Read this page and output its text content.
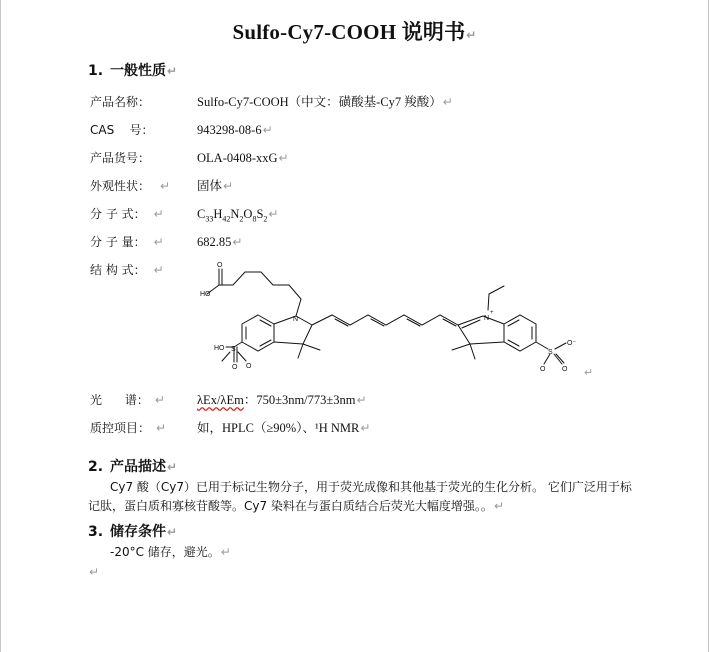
Sulfo-Cy7-COOH 说明书↵
1. 一般性质↵
产品名称：	Sulfo-Cy7-COOH（中文：磺酸基-Cy7 羧酸）↵
CAS    号：	943298-08-6↵
产品货号：	OLA-0408-xxG↵
外观性状： ↵ 固体↵
分 子 式： ↵	$C_{33}H_{42}N_2O_8S_2↵$
分 子 量： ↵	682.85↵
结 构 式： ↵
HO
O
N
HO S
O O
N
+
S
O⁻
O O ↵
光      谱： ↵	λEx/λEm：750±3nm/773±3nm↵
质控项目： ↵ 如，HPLC（≥90%）、¹H NMR↵
2. 产品描述↵
Cy7 酸（Cy7）已用于标记生物分子，用于荧光成像和其他基于荧光的生化分析。 它们广泛用于标记肽，蛋白质和寡核苷酸等。Cy7 染料在与蛋白质结合后荧光大幅度增强。。↵
3. 储存条件↵
-20°C 储存，避光。↵
↵
